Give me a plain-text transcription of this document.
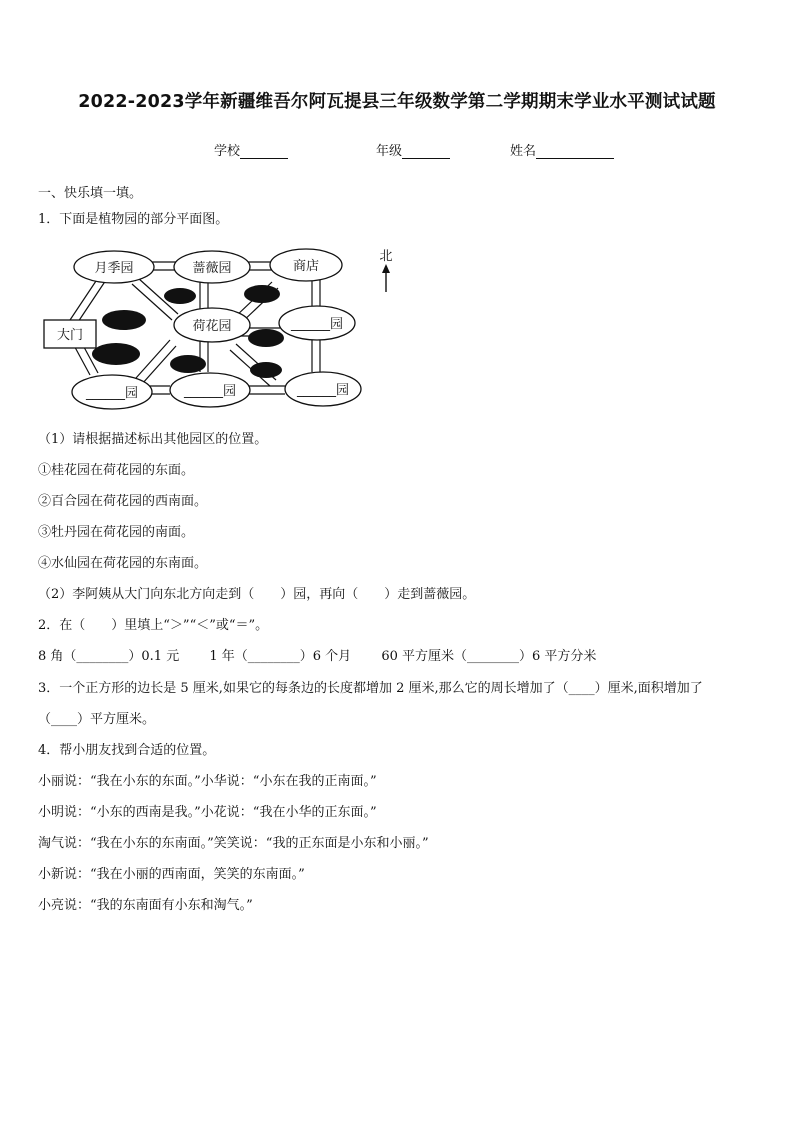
2022-2023学年新疆维吾尔阿瓦提县三年级数学第二学期期末学业水平测试试题
学校	年级	姓名
一、快乐填一填。
1．下面是植物园的部分平面图。
月季园	蔷薇园	商店
荷花园
大门
______园
______园	______园	______园
北
（1）请根据描述标出其他园区的位置。
①桂花园在荷花园的东面。
②百合园在荷花园的西南面。
③牡丹园在荷花园的南面。
④水仙园在荷花园的东南面。
（2）李阿姨从大门向东北方向走到（　　）园，再向（　　）走到蔷薇园。
2．在（　　）里填上“＞”“＜”或“＝”。
8 角（________）0.1 元 1 年（________）6 个月 60 平方厘米（________）6 平方分米
3．一个正方形的边长是 5 厘米,如果它的每条边的长度都增加 2 厘米,那么它的周长增加了（____）厘米,面积增加了
（____）平方厘米。
4．帮小朋友找到合适的位置。
小丽说：“我在小东的东面。”小华说：“小东在我的正南面。”
小明说：“小东的西南是我。”小花说：“我在小华的正东面。”
淘气说：“我在小东的东南面。”笑笑说：“我的正东面是小东和小丽。”
小新说：“我在小丽的西南面，笑笑的东南面。”
小亮说：“我的东南面有小东和淘气。”
